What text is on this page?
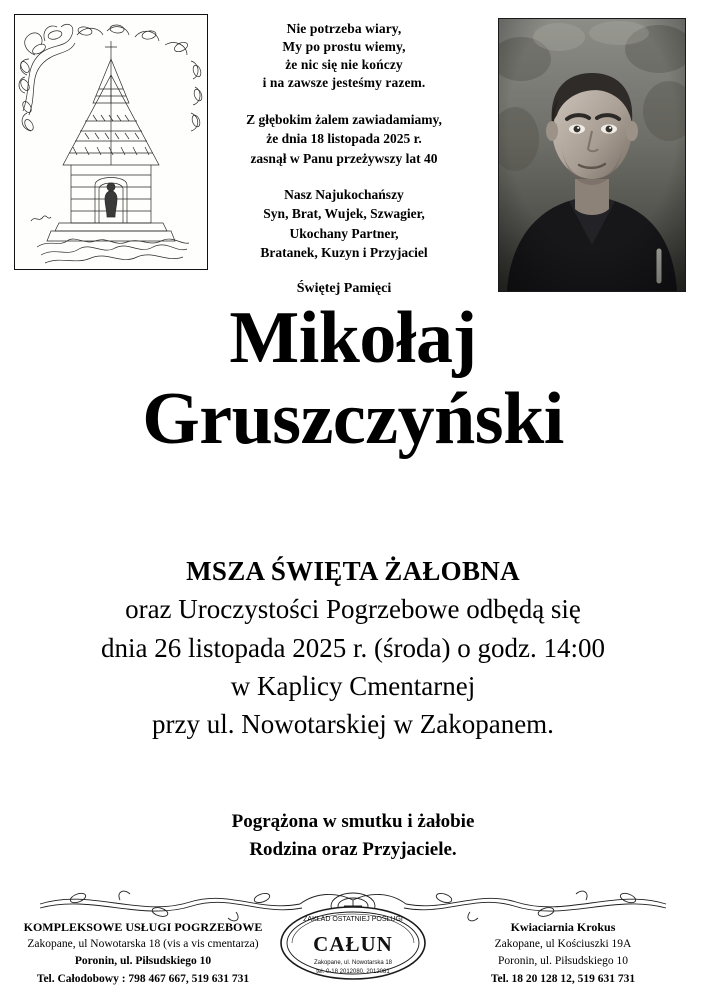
Nie potrzeba wiary,
My po prostu wiemy,
że nic się nie kończy
i na zawsze jesteśmy razem.
Z głębokim żalem zawiadamiamy,
że dnia 18 listopada 2025 r.
zasnął w Panu przeżywszy lat 40
Nasz Najukochańszy
Syn, Brat, Wujek, Szwagier,
Ukochany Partner,
Bratanek, Kuzyn i Przyjaciel
Świętej Pamięci
Mikołaj
Gruszczyński
MSZA ŚWIĘTA ŻAŁOBNA
oraz Uroczystości Pogrzebowe odbędą się
dnia 26 listopada 2025 r. (środa) o godz. 14:00
w Kaplicy Cmentarnej
przy ul. Nowotarskiej w Zakopanem.
Pogrążona w smutku i żałobie
Rodzina oraz Przyjaciele.
KOMPLEKSOWE USŁUGI POGRZEBOWE
Zakopane, ul Nowotarska 18 (vis a vis cmentarza)
Poronin, ul. Piłsudskiego 10
Tel. Całodobowy : 798 467 667, 519 631 731
Kwiaciarnia Krokus
Zakopane, ul Kościuszki 19A
Poronin, ul. Piłsudskiego 10
Tel. 18 20 128 12, 519 631 731
ZAKŁAD OSTATNIEJ POSŁUGI
CAŁUN
Zakopane, ul. Nowotarska 18
tel. 0-18 2012080, 2012081
